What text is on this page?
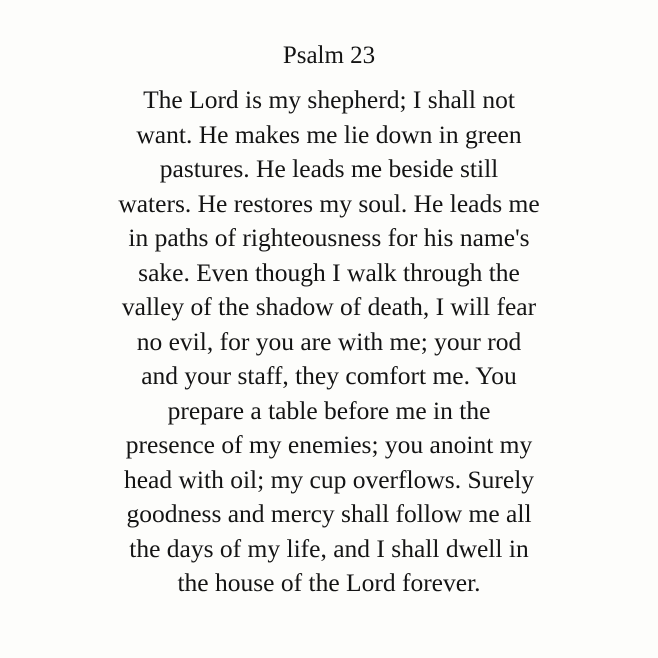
Psalm 23
The Lord is my shepherd; I shall not
want. He makes me lie down in green
pastures. He leads me beside still
waters. He restores my soul. He leads me
in paths of righteousness for his name's
sake. Even though I walk through the
valley of the shadow of death, I will fear
no evil, for you are with me; your rod
and your staff, they comfort me. You
prepare a table before me in the
presence of my enemies; you anoint my
head with oil; my cup overflows. Surely
goodness and mercy shall follow me all
the days of my life, and I shall dwell in
the house of the Lord forever.
